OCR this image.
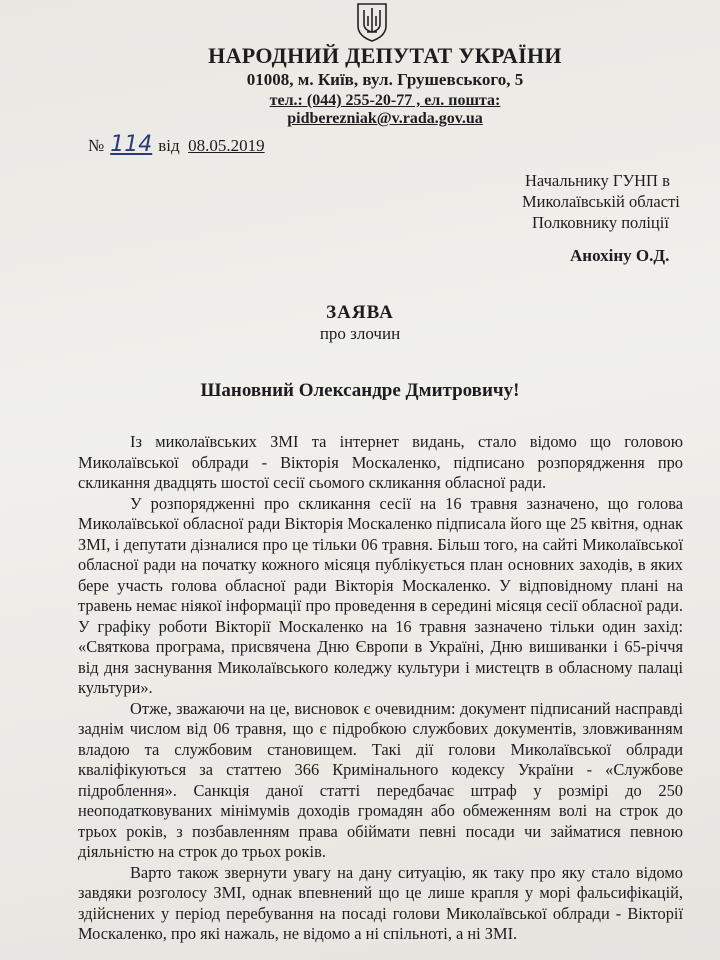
НАРОДНИЙ ДЕПУТАТ УКРАЇНИ
01008, м. Київ, вул. Грушевського, 5
тел.: (044) 255-20-77 , ел. пошта: pidberezniak@v.rada.gov.ua
№ 114 від 08.05.2019
Начальнику ГУНП в
Миколаївській області
Полковнику поліції
Анохіну О.Д.
ЗАЯВА
про злочин
Шановний Олександре Дмитровичу!

Із миколаївських ЗМІ та інтернет видань, стало відомо що головою Миколаївської облради - Вікторія Москаленко, підписано розпорядження про скликання двадцять шостої сесії сьомого скликання обласної ради.

У розпорядженні про скликання сесії на 16 травня зазначено, що голова Миколаївської обласної ради Вікторія Москаленко підписала його ще 25 квітня, однак ЗМІ, і депутати дізналися про це тільки 06 травня. Більш того, на сайті Миколаївської обласної ради на початку кожного місяця публікується план основних заходів, в яких бере участь голова обласної ради Вікторія Москаленко. У відповідному плані на травень немає ніякої інформації про проведення в середині місяця сесії обласної ради. У графіку роботи Вікторії Москаленко на 16 травня зазначено тільки один захід: «Святкова програма, присвячена Дню Європи в Україні, Дню вишиванки і 65-річчя від дня заснування Миколаївського коледжу культури і мистецтв в обласному палаці культури».

Отже, зважаючи на це, висновок є очевидним: документ підписаний насправді заднім числом від 06 травня, що є підробкою службових документів, зловживанням владою та службовим становищем. Такі дії голови Миколаївської облради кваліфікуються за статтею 366 Кримінального кодексу України - «Службове підроблення». Санкція даної статті передбачає штраф у розмірі до 250 неоподатковуваних мінімумів доходів громадян або обмеженням волі на строк до трьох років, з позбавленням права обіймати певні посади чи займатися певною діяльністю на строк до трьох років.

Варто також звернути увагу на дану ситуацію, як таку про яку стало відомо завдяки розголосу ЗМІ, однак впевнений що це лише крапля у морі фальсифікацій, здійснених у період перебування на посаді голови Миколаївської облради - Вікторії Москаленко, про які нажаль, не відомо а ні спільноті, а ні ЗМІ.
